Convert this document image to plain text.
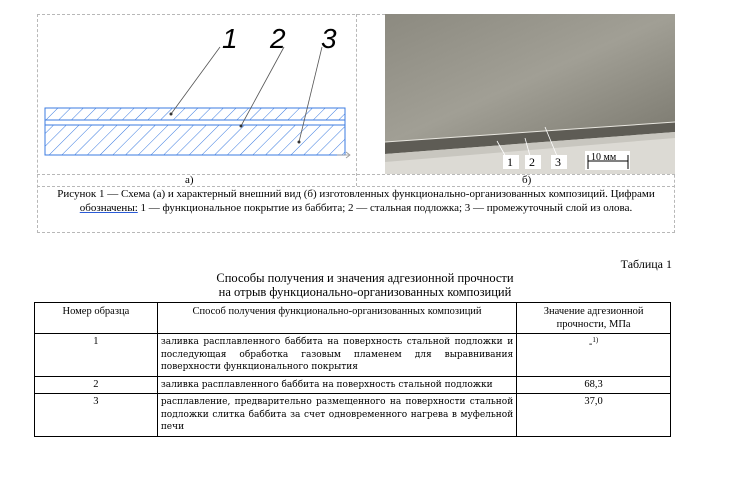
1 2 3
1 2 3	10 мм
а)	б)
Рисунок 1 — Схема (а) и характерный внешний вид (б) изготовленных функционально-организованных композиций. Цифрами обозначены: 1 — функциональное покрытие из баббита; 2 — стальная подложка; 3 — промежуточный слой из олова.
Таблица 1
Способы получения и значения адгезионной прочности
на отрыв функционально-организованных композиций
Номер образца	Способ получения функционально-организованных композиций	Значение адгезионной прочности, МПа
1	заливка расплавленного баббита на поверхность стальной подложки и последующая обработка газовым пламенем для выравнивания поверхности функционального покрытия	-$^{1)}$
2	заливка расплавленного баббита на поверхность стальной подложки	68,3
3	расплавление, предварительно размещенного на поверхности стальной подложки слитка баббита за счет одновременного нагрева в муфельной печи	37,0
